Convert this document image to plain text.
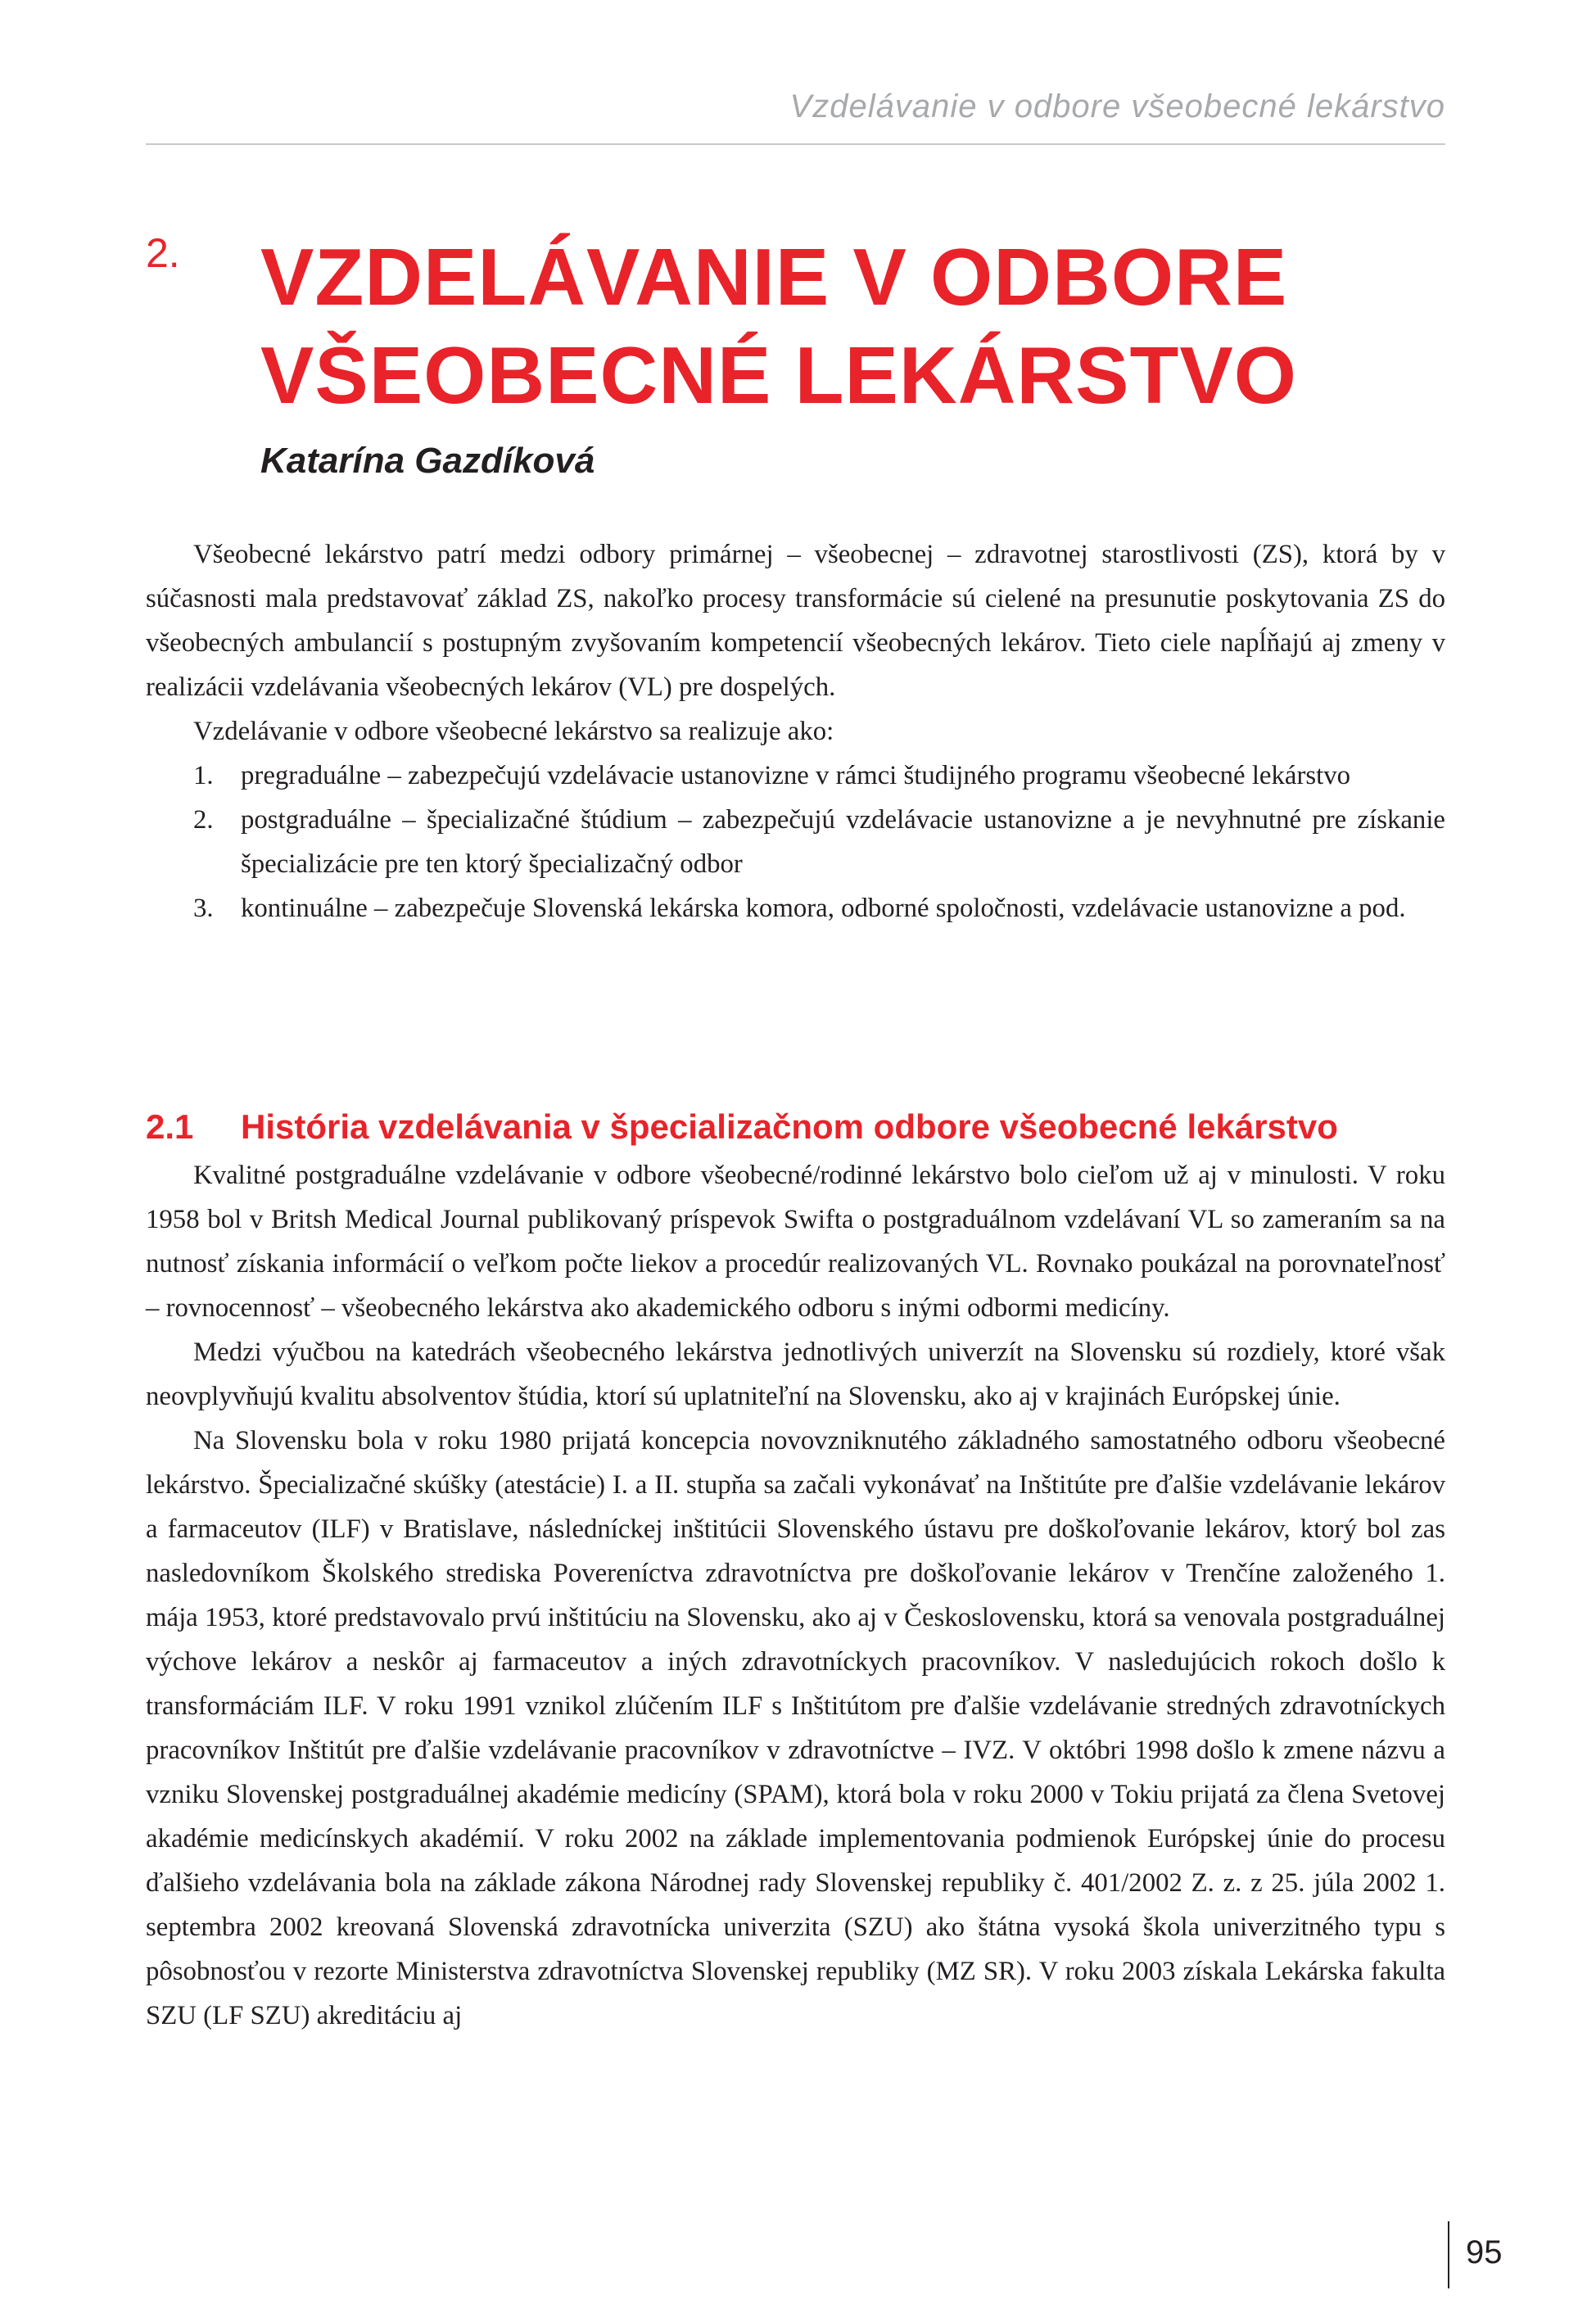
Vzdelávanie v odbore všeobecné lekárstvo
2. VZDELÁVANIE V ODBORE
VŠEOBECNÉ LEKÁRSTVO
Katarína Gazdíková

Všeobecné lekárstvo patrí medzi odbory primárnej – všeobecnej – zdravotnej starostlivosti (ZS), ktorá by v súčasnosti mala predstavovať základ ZS, nakoľko procesy transformácie sú cielené na presunutie poskytovania ZS do všeobecných ambulancií s postupným zvyšovaním kompetencií všeobecných lekárov. Tieto ciele napĺňajú aj zmeny v realizácii vzdelávania všeobecných lekárov (VL) pre dospelých.

Vzdelávanie v odbore všeobecné lekárstvo sa realizuje ako:

1. pregraduálne – zabezpečujú vzdelávacie ustanovizne v rámci študijného programu všeobecné lekárstvo
2. postgraduálne – špecializačné štúdium – zabezpečujú vzdelávacie ustanovizne a je nevyhnutné pre získanie špecializácie pre ten ktorý špecializačný odbor
3. kontinuálne – zabezpečuje Slovenská lekárska komora, odborné spoločnosti, vzdelávacie ustanovizne a pod.
2.1 História vzdelávania v špecializačnom odbore všeobecné lekárstvo

Kvalitné postgraduálne vzdelávanie v odbore všeobecné/rodinné lekárstvo bolo cieľom už aj v minulosti. V roku 1958 bol v Britsh Medical Journal publikovaný príspevok Swifta o postgraduálnom vzdelávaní VL so zameraním sa na nutnosť získania informácií o veľkom počte liekov a procedúr realizovaných VL. Rovnako poukázal na porovnateľnosť – rovnocennosť – všeobecného lekárstva ako akademického odboru s inými odbormi medicíny.

Medzi výučbou na katedrách všeobecného lekárstva jednotlivých univerzít na Slovensku sú rozdiely, ktoré však neovplyvňujú kvalitu absolventov štúdia, ktorí sú uplatniteľní na Slovensku, ako aj v krajinách Európskej únie.

Na Slovensku bola v roku 1980 prijatá koncepcia novovzniknutého základného samostatného odboru všeobecné lekárstvo. Špecializačné skúšky (atestácie) I. a II. stupňa sa začali vykonávať na Inštitúte pre ďalšie vzdelávanie lekárov a farmaceutov (ILF) v Bratislave, následníckej inštitúcii Slovenského ústavu pre doškoľovanie lekárov, ktorý bol zas nasledovníkom Školského strediska Povereníctva zdravotníctva pre doškoľovanie lekárov v Trenčíne založeného 1. mája 1953, ktoré predstavovalo prvú inštitúciu na Slovensku, ako aj v Československu, ktorá sa venovala postgraduálnej výchove lekárov a neskôr aj farmaceutov a iných zdravotníckych pracovníkov. V nasledujúcich rokoch došlo k transformáciám ILF. V roku 1991 vznikol zlúčením ILF s Inštitútom pre ďalšie vzdelávanie stredných zdravotníckych pracovníkov Inštitút pre ďalšie vzdelávanie pracovníkov v zdravotníctve – IVZ. V októbri 1998 došlo k zmene názvu a vzniku Slovenskej postgraduálnej akadémie medicíny (SPAM), ktorá bola v roku 2000 v Tokiu prijatá za člena Svetovej akadémie medicínskych akadémií. V roku 2002 na základe implementovania podmienok Európskej únie do procesu ďalšieho vzdelávania bola na základe zákona Národnej rady Slovenskej republiky č. 401/2002 Z. z. z 25. júla 2002 1. septembra 2002 kreovaná Slovenská zdravotnícka univerzita (SZU) ako štátna vysoká škola univerzitného typu s pôsobnosťou v rezorte Ministerstva zdravotníctva Slovenskej republiky (MZ SR). V roku 2003 získala Lekárska fakulta SZU (LF SZU) akreditáciu aj

95
